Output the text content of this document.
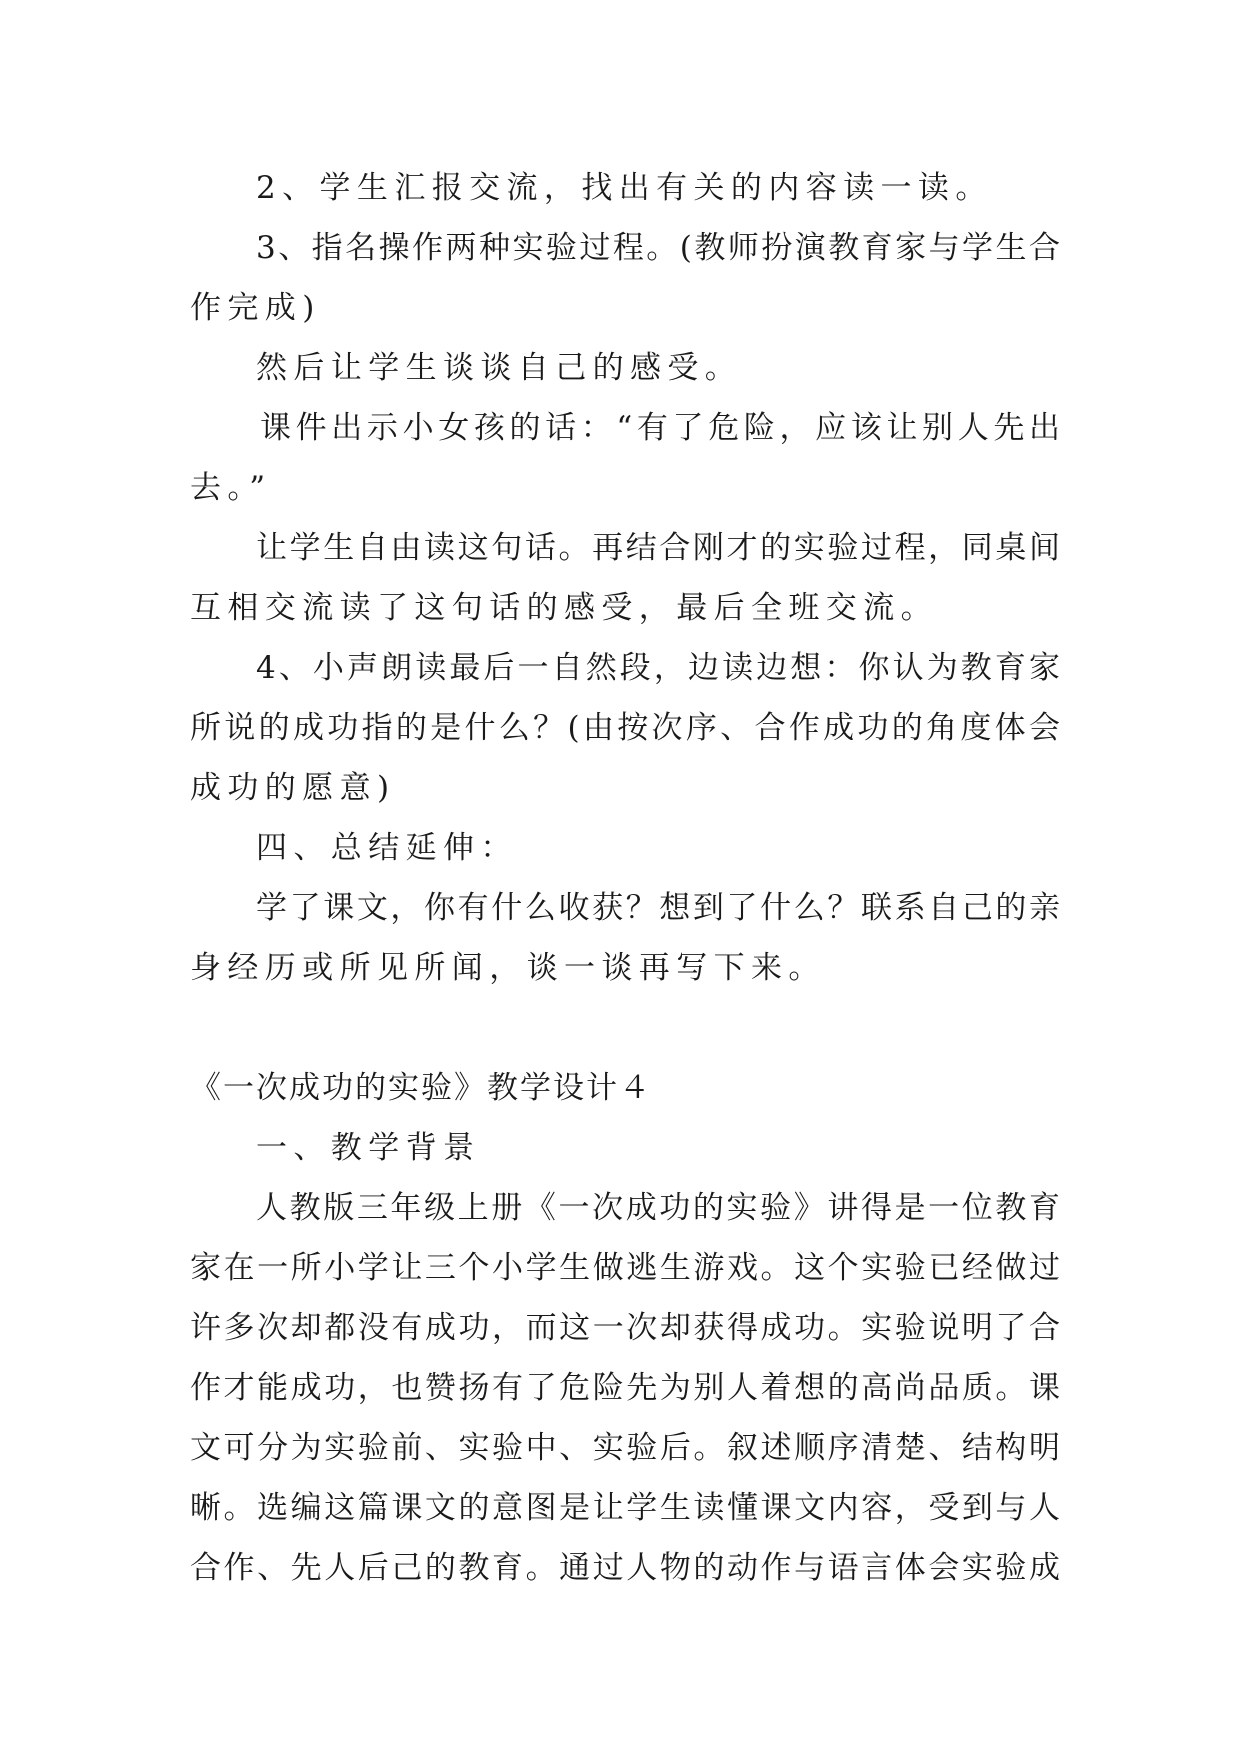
2、学生汇报交流，找出有关的内容读一读。
3、指名操作两种实验过程。(教师扮演教育家与学生合
作完成)
然后让学生谈谈自己的感受。
课件出示小女孩的话：“有了危险，应该让别人先出
去。”
让学生自由读这句话。再结合刚才的实验过程，同桌间
互相交流读了这句话的感受，最后全班交流。
4、小声朗读最后一自然段，边读边想：你认为教育家
所说的成功指的是什么？(由按次序、合作成功的角度体会
成功的愿意)
四、总结延伸：
学了课文，你有什么收获？想到了什么？联系自己的亲
身经历或所见所闻，谈一谈再写下来。
《一次成功的实验》教学设计４
一、教学背景
人教版三年级上册《一次成功的实验》讲得是一位教育
家在一所小学让三个小学生做逃生游戏。这个实验已经做过
许多次却都没有成功，而这一次却获得成功。实验说明了合
作才能成功，也赞扬有了危险先为别人着想的高尚品质。课
文可分为实验前、实验中、实验后。叙述顺序清楚、结构明
晰。选编这篇课文的意图是让学生读懂课文内容，受到与人
合作、先人后己的教育。通过人物的动作与语言体会实验成
